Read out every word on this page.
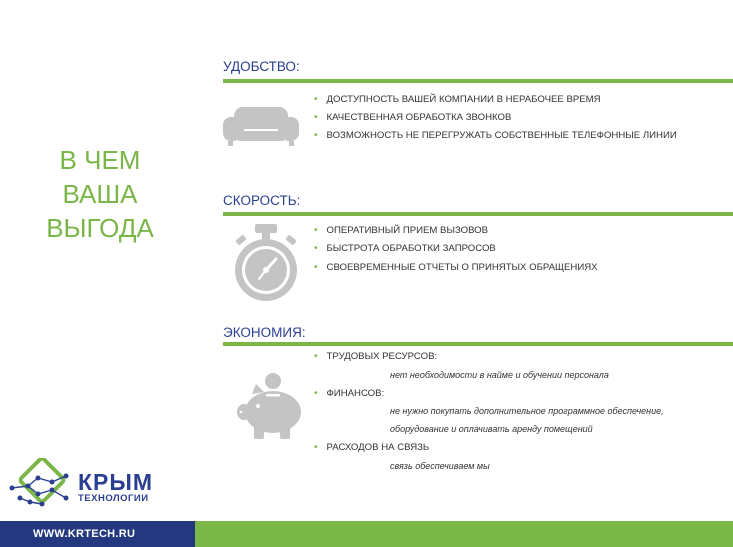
В ЧЕМ
ВАША
ВЫГОДА
УДОБСТВО:
• ДОСТУПНОСТЬ ВАШЕЙ КОМПАНИИ В НЕРАБОЧЕЕ ВРЕМЯ
• КАЧЕСТВЕННАЯ ОБРАБОТКА ЗВОНКОВ
• ВОЗМОЖНОСТЬ НЕ ПЕРЕГРУЖАТЬ СОБСТВЕННЫЕ ТЕЛЕФОННЫЕ ЛИНИИ
СКОРОСТЬ:
• ОПЕРАТИВНЫЙ ПРИЕМ ВЫЗОВОВ
• БЫСТРОТА ОБРАБОТКИ ЗАПРОСОВ
• СВОЕВРЕМЕННЫЕ ОТЧЕТЫ О ПРИНЯТЫХ ОБРАЩЕНИЯХ
ЭКОНОМИЯ:
• ТРУДОВЫХ РЕСУРСОВ:
нет необходимости в найме и обучении персонала
• ФИНАНСОВ:
не нужно покупать дополнительное программное обеспечение,
оборудование и оплачивать аренду помещений
• РАСХОДОВ НА СВЯЗЬ
связь обеспечиваем мы
КРЫМ
ТЕХНОЛОГИИ
WWW.KRTECH.RU
